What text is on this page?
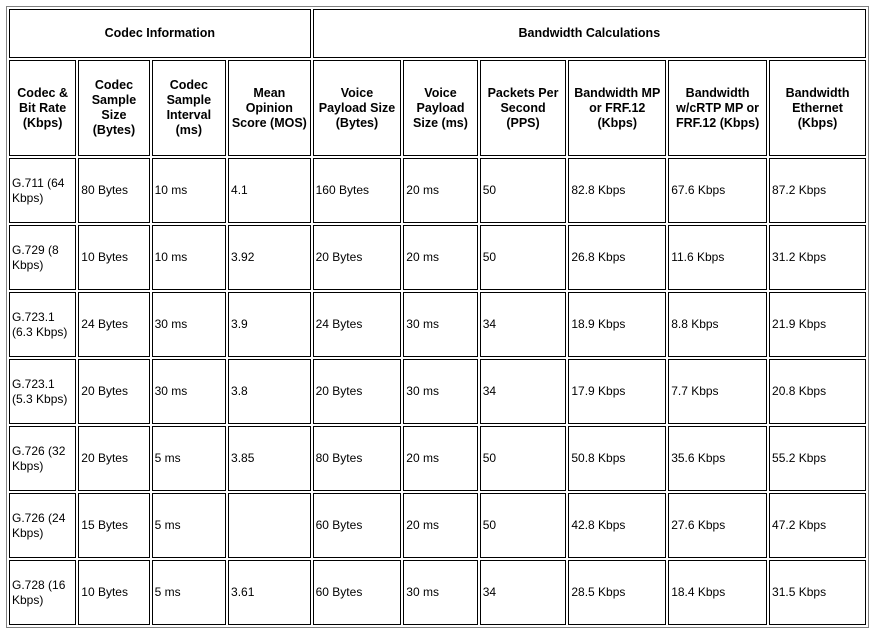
Codec Information				Bandwidth Calculations					
Codec & Bit Rate (Kbps)	Codec Sample Size (Bytes)	Codec Sample Interval (ms)	Mean Opinion Score (MOS)	Voice Payload Size (Bytes)	Voice Payload Size (ms)	Packets Per Second (PPS)	Bandwidth MP or FRF.12 (Kbps)	Bandwidth w/cRTP MP or FRF.12 (Kbps)	Bandwidth Ethernet (Kbps)
G.711 (64 Kbps)	80 Bytes	10 ms	4.1	160 Bytes	20 ms	50	82.8 Kbps	67.6 Kbps	87.2 Kbps
G.729 (8 Kbps)	10 Bytes	10 ms	3.92	20 Bytes	20 ms	50	26.8 Kbps	11.6 Kbps	31.2 Kbps
G.723.1 (6.3 Kbps)	24 Bytes	30 ms	3.9	24 Bytes	30 ms	34	18.9 Kbps	8.8 Kbps	21.9 Kbps
G.723.1 (5.3 Kbps)	20 Bytes	30 ms	3.8	20 Bytes	30 ms	34	17.9 Kbps	7.7 Kbps	20.8 Kbps
G.726 (32 Kbps)	20 Bytes	5 ms	3.85	80 Bytes	20 ms	50	50.8 Kbps	35.6 Kbps	55.2 Kbps
G.726 (24 Kbps)	15 Bytes	5 ms		60 Bytes	20 ms	50	42.8 Kbps	27.6 Kbps	47.2 Kbps
G.728 (16 Kbps)	10 Bytes	5 ms	3.61	60 Bytes	30 ms	34	28.5 Kbps	18.4 Kbps	31.5 Kbps
